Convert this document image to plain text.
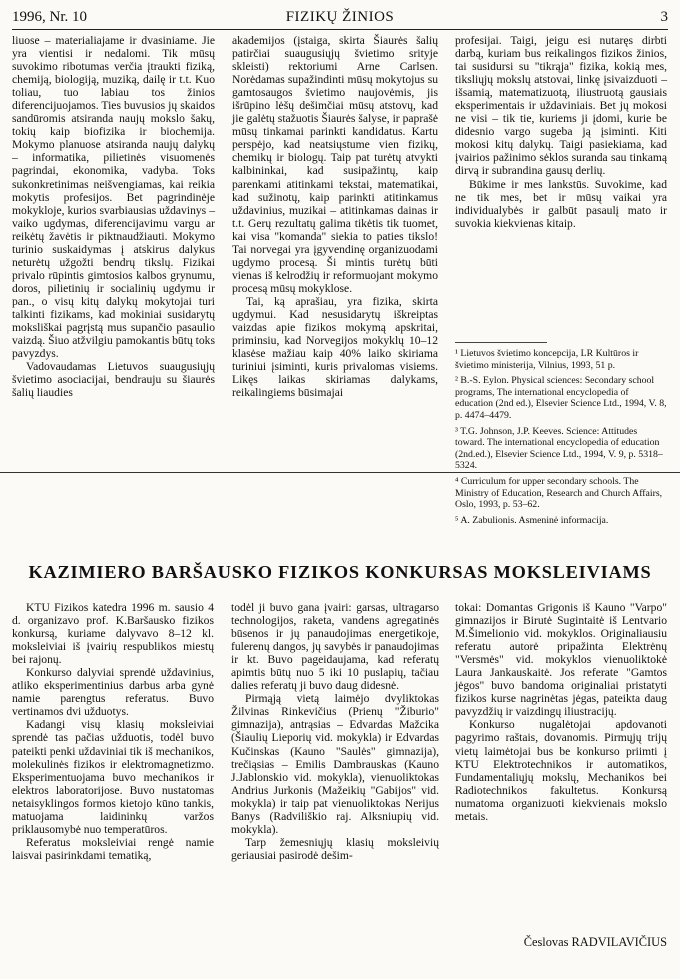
1996, Nr. 10	FIZIKŲ ŽINIOS	3

liuose – materialiajame ir dvasiniame. Jie yra vientisi ir nedalomi. Tik mūsų suvokimo ribotumas verčia įtraukti fiziką, chemiją, biologiją, muziką, dailę ir t.t. Kuo toliau, tuo labiau tos žinios diferencijuojamos. Ties buvusios jų skaidos sandūromis atsiranda naujų mokslo šakų, tokių kaip biofizika ir biochemija. Mokymo planuose atsiranda naujų dalykų – informatika, pilietinės visuomenės pagrindai, ekonomika, vadyba. Toks sukonkretinimas neišvengiamas, kai reikia mokytis profesijos. Bet pagrindinėje mokykloje, kurios svarbiausias uždavinys – vaiko ugdymas, diferencijavimu vargu ar reikėtų žavėtis ir piktnaudžiauti. Mokymo turinio suskaidymas į atskirus dalykus neturėtų užgožti bendrų tikslų. Fizikai privalo rūpintis gimtosios kalbos grynumu, doros, pilietinių ir socialinių ugdymu ir pan., o visų kitų dalykų mokytojai turi talkinti fizikams, kad mokiniai susidarytų moksliškai pagrįstą mus supančio pasaulio vaizdą. Šiuo atžvilgiu pamokantis būtų toks pavyzdys.

Vadovaudamas Lietuvos suaugusiųjų švietimo asociacijai, bendrauju su šiaurės šalių liaudies

akademijos (įstaiga, skirta Šiaurės šalių patirčiai suaugusiųjų švietimo srityje skleisti) rektoriumi Arne Carlsen. Norėdamas supažindinti mūsų mokytojus su gamtosaugos švietimo naujovėmis, jis išrūpino lėšų dešimčiai mūsų atstovų, kad jie galėtų stažuotis Šiaurės šalyse, ir paprašė mūsų tinkamai parinkti kandidatus. Kartu perspėjo, kad neatsiųstume vien fizikų, chemikų ir biologų. Taip pat turėtų atvykti kalbininkai, kad susipažintų, kaip parenkami atitinkami tekstai, matematikai, kad sužinotų, kaip parinkti atitinkamus uždavinius, muzikai – atitinkamas dainas ir t.t. Gerų rezultatų galima tikėtis tik tuomet, kai visa "komanda" siekia to paties tikslo! Tai norvegai yra įgyvendinę organizuodami ugdymo procesą. Ši mintis turėtų būti vienas iš kelrodžių ir reformuojant mokymo procesą mūsų mokyklose.

Tai, ką aprašiau, yra fizika, skirta ugdymui. Kad nesusidarytų iškreiptas vaizdas apie fizikos mokymą apskritai, priminsiu, kad Norvegijos mokyklų 10–12 klasėse mažiau kaip 40% laiko skiriama turiniui įsiminti, kuris privalomas visiems. Likęs laikas skiriamas dalykams, reikalingiems būsimajai

profesijai. Taigi, jeigu esi nutaręs dirbti darbą, kuriam bus reikalingos fizikos žinios, tai susidursi su "tikrąja" fizika, kokią mes, tiksliųjų mokslų atstovai, linkę įsivaizduoti – išsamią, matematizuotą, iliustruotą gausiais eksperimentais ir uždaviniais. Bet jų mokosi ne visi – tik tie, kuriems ji įdomi, kurie be didesnio vargo sugeba ją įsiminti. Kiti mokosi kitų dalykų. Taigi pasiekiama, kad įvairios pažinimo sėklos suranda sau tinkamą dirvą ir subrandina gausų derlių.

Būkime ir mes lankstūs. Suvokime, kad ne tik mes, bet ir mūsų vaikai yra individualybės ir galbūt pasaulį mato ir suvokia kiekvienas kitaip.

¹ Lietuvos švietimo koncepcija, LR Kultūros ir švietimo ministerija, Vilnius, 1993, 51 p.
² B.-S. Eylon. Physical sciences: Secondary school programs, The international encyclopedia of education (2nd ed.), Elsevier Science Ltd., 1994, V. 8, p. 4474–4479.
³ T.G. Johnson, J.P. Keeves. Science: Attitudes toward. The international encyclopedia of education (2nd.ed.), Elsevier Science Ltd., 1994, V. 9, p. 5318–5324.
⁴ Curriculum for upper secondary schools. The Ministry of Education, Research and Church Affairs, Oslo, 1993, p. 53–62.
⁵ A. Zabulionis. Asmeninė informacija.
KAZIMIERO BARŠAUSKO FIZIKOS KONKURSAS MOKSLEIVIAMS

KTU Fizikos katedra 1996 m. sausio 4 d. organizavo prof. K.Baršausko fizikos konkursą, kuriame dalyvavo 8–12 kl. moksleiviai iš įvairių respublikos miestų bei rajonų.

Konkurso dalyviai sprendė uždavinius, atliko eksperimentinius darbus arba gynė namie parengtus referatus. Buvo vertinamos dvi užduotys.

Kadangi visų klasių moksleiviai sprendė tas pačias užduotis, todėl buvo pateikti penki uždaviniai tik iš mechanikos, molekulinės fizikos ir elektromagnetizmo. Eksperimentuojama buvo mechanikos ir elektros laboratorijose. Buvo nustatomas netaisyklingos formos kietojo kūno tankis, matuojama laidininkų varžos priklausomybė nuo temperatūros.

Referatus moksleiviai rengė namie laisvai pasirinkdami tematiką,

todėl ji buvo gana įvairi: garsas, ultragarso technologijos, raketa, vandens agregatinės būsenos ir jų panaudojimas energetikoje, fulerenų dangos, jų savybės ir panaudojimas ir kt. Buvo pageidaujama, kad referatų apimtis būtų nuo 5 iki 10 puslapių, tačiau dalies referatų ji buvo daug didesnė.

Pirmąją vietą laimėjo dvyliktokas Žilvinas Rinkevičius (Prienų "Žiburio" gimnazija), antrąsias – Edvardas Mažcika (Šiaulių Lieporių vid. mokykla) ir Edvardas Kučinskas (Kauno "Saulės" gimnazija), trečiąsias – Emilis Dambrauskas (Kauno J.Jablonskio vid. mokykla), vienuoliktokas Andrius Jurkonis (Mažeikių "Gabijos" vid. mokykla) ir taip pat vienuoliktokas Nerijus Banys (Radviliškio raj. Alksniupių vid. mokykla).

Tarp žemesniųjų klasių moksleivių geriausiai pasirodė dešim-

tokai: Domantas Grigonis iš Kauno "Varpo" gimnazijos ir Birutė Sugintaitė iš Lentvario M.Šimelionio vid. mokyklos. Originaliausiu referatu autorė pripažinta Elektrėnų "Versmės" vid. mokyklos vienuoliktokė Laura Jankauskaitė. Jos referate "Gamtos jėgos" buvo bandoma originaliai pristatyti fizikos kurse nagrinėtas jėgas, pateikta daug pavyzdžių ir vaizdingų iliustracijų.

Konkurso nugalėtojai apdovanoti pagyrimo raštais, dovanomis. Pirmųjų trijų vietų laimėtojai bus be konkurso priimti į KTU Elektrotechnikos ir automatikos, Fundamentaliųjų mokslų, Mechanikos bei Radiotechnikos fakultetus. Konkursą numatoma organizuoti kiekvienais mokslo metais.

Česlovas RADVILAVIČIUS
